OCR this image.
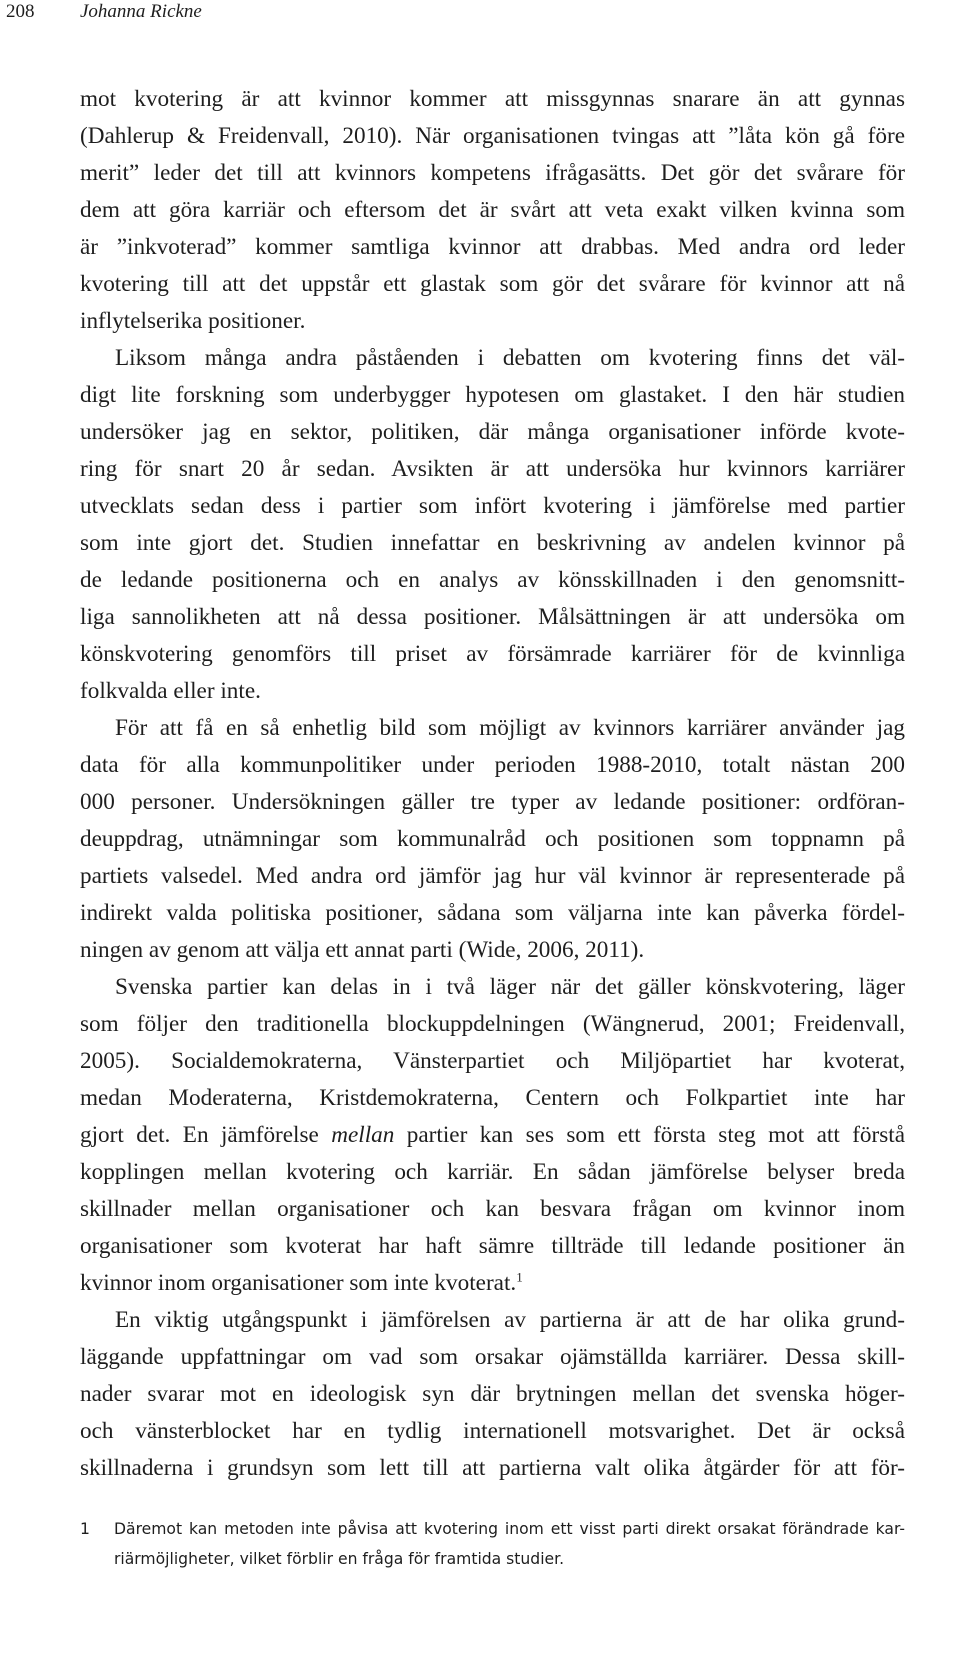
208 Johanna Rickne
mot kvotering är att kvinnor kommer att missgynnas snarare än att gynnas
(Dahlerup & Freidenvall, 2010). När organisationen tvingas att ”låta kön gå före
merit” leder det till att kvinnors kompetens ifrågasätts. Det gör det svårare för
dem att göra karriär och eftersom det är svårt att veta exakt vilken kvinna som
är ”inkvoterad” kommer samtliga kvinnor att drabbas. Med andra ord leder
kvotering till att det uppstår ett glastak som gör det svårare för kvinnor att nå
inflytelserika positioner.
Liksom många andra påståenden i debatten om kvotering finns det väl-
digt lite forskning som underbygger hypotesen om glastaket. I den här studien
undersöker jag en sektor, politiken, där många organisationer införde kvote-
ring för snart 20 år sedan. Avsikten är att undersöka hur kvinnors karriärer
utvecklats sedan dess i partier som infört kvotering i jämförelse med partier
som inte gjort det. Studien innefattar en beskrivning av andelen kvinnor på
de ledande positionerna och en analys av könsskillnaden i den genomsnitt-
liga sannolikheten att nå dessa positioner. Målsättningen är att undersöka om
könskvotering genomförs till priset av försämrade karriärer för de kvinnliga
folkvalda eller inte.
För att få en så enhetlig bild som möjligt av kvinnors karriärer använder jag
data för alla kommunpolitiker under perioden 1988-2010, totalt nästan 200
000 personer. Undersökningen gäller tre typer av ledande positioner: ordföran-
deuppdrag, utnämningar som kommunalråd och positionen som toppnamn på
partiets valsedel. Med andra ord jämför jag hur väl kvinnor är representerade på
indirekt valda politiska positioner, sådana som väljarna inte kan påverka fördel-
ningen av genom att välja ett annat parti (Wide, 2006, 2011).
Svenska partier kan delas in i två läger när det gäller könskvotering, läger
som följer den traditionella blockuppdelningen (Wängnerud, 2001; Freidenvall,
2005). Socialdemokraterna, Vänsterpartiet och Miljöpartiet har kvoterat,
medan Moderaterna, Kristdemokraterna, Centern och Folkpartiet inte har
gjort det. En jämförelse mellan partier kan ses som ett första steg mot att förstå
kopplingen mellan kvotering och karriär. En sådan jämförelse belyser breda
skillnader mellan organisationer och kan besvara frågan om kvinnor inom
organisationer som kvoterat har haft sämre tillträde till ledande positioner än
kvinnor inom organisationer som inte kvoterat.$^1$
En viktig utgångspunkt i jämförelsen av partierna är att de har olika grund-
läggande uppfattningar om vad som orsakar ojämställda karriärer. Dessa skill-
nader svarar mot en ideologisk syn där brytningen mellan det svenska höger-
och vänsterblocket har en tydlig internationell motsvarighet. Det är också
skillnaderna i grundsyn som lett till att partierna valt olika åtgärder för att för-
1 Däremot kan metoden inte påvisa att kvotering inom ett visst parti direkt orsakat förändrade kar-
riärmöjligheter, vilket förblir en fråga för framtida studier.
